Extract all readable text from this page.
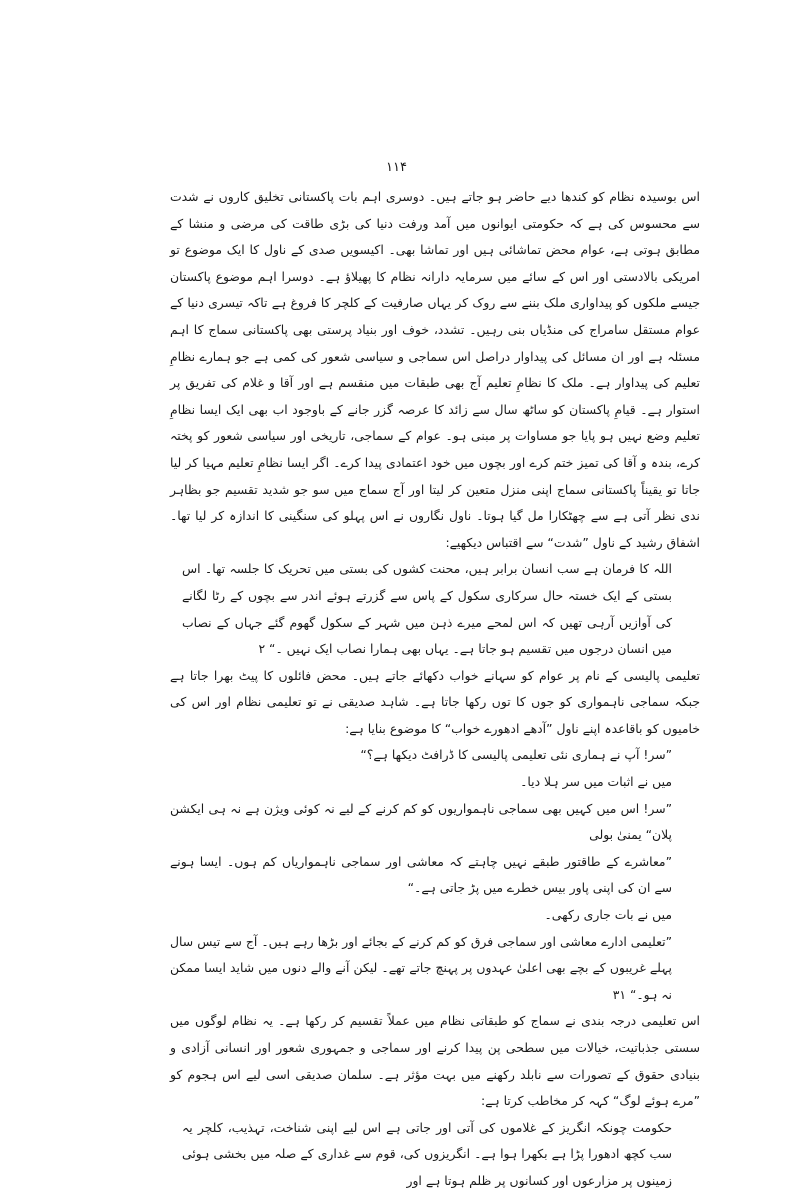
۱۱۴

اس بوسیدہ نظام کو کندھا دیے حاضر ہو جاتے ہیں۔ دوسری اہم بات پاکستانی تخلیق کاروں نے شدت سے محسوس کی ہے کہ حکومتی ایوانوں میں آمد ورفت دنیا کی بڑی طاقت کی مرضی و منشا کے مطابق ہوتی ہے، عوام محض تماشائی ہیں اور تماشا بھی۔ اکیسویں صدی کے ناول کا ایک موضوع تو امریکی بالادستی اور اس کے سائے میں سرمایہ دارانہ نظام کا پھیلاؤ ہے۔ دوسرا اہم موضوع پاکستان جیسے ملکوں کو پیداواری ملک بننے سے روک کر یہاں صارفیت کے کلچر کا فروغ ہے تاکہ تیسری دنیا کے عوام مستقل سامراج کی منڈیاں بنی رہیں۔ تشدد، خوف اور بنیاد پرستی بھی پاکستانی سماج کا اہم مسئلہ ہے اور ان مسائل کی پیداوار دراصل اس سماجی و سیاسی شعور کی کمی ہے جو ہمارے نظامِ تعلیم کی پیداوار ہے۔ ملک کا نظامِ تعلیم آج بھی طبقات میں منقسم ہے اور آقا و غلام کی تفریق پر استوار ہے۔ قیامِ پاکستان کو ساٹھ سال سے زائد کا عرصہ گزر جانے کے باوجود اب بھی ایک ایسا نظامِ تعلیم وضع نہیں ہو پایا جو مساوات پر مبنی ہو۔ عوام کے سماجی، تاریخی اور سیاسی شعور کو پختہ کرے، بندہ و آقا کی تمیز ختم کرے اور بچوں میں خود اعتمادی پیدا کرے۔ اگر ایسا نظامِ تعلیم مہیا کر لیا جاتا تو یقیناً پاکستانی سماج اپنی منزل متعین کر لیتا اور آج سماج میں سو جو شدید تقسیم جو بظاہر ندی نظر آتی ہے سے چھٹکارا مل گیا ہوتا۔ ناول نگاروں نے اس پہلو کی سنگینی کا اندازہ کر لیا تھا۔ اشفاق رشید کے ناول ”شدت“ سے اقتباس دیکھیے:

اللہ کا فرمان ہے سب انسان برابر ہیں، محنت کشوں کی بستی میں تحریک کا جلسہ تھا۔ اس بستی کے ایک خستہ حال سرکاری سکول کے پاس سے گزرتے ہوئے اندر سے بچوں کے رٹا لگانے کی آوازیں آرہی تھیں کہ اس لمحے میرے ذہن میں شہر کے سکول گھوم گئے جہاں کے نصاب میں انسان درجوں میں تقسیم ہو جاتا ہے۔ یہاں بھی ہمارا نصاب ایک نہیں ۔“ ۲

تعلیمی پالیسی کے نام پر عوام کو سہانے خواب دکھائے جاتے ہیں۔ محض فائلوں کا پیٹ بھرا جاتا ہے جبکہ سماجی ناہمواری کو جوں کا توں رکھا جاتا ہے۔ شاہد صدیقی نے تو تعلیمی نظام اور اس کی خامیوں کو باقاعدہ اپنے ناول ”آدھے ادھورے خواب“ کا موضوع بنایا ہے:

”سر! آپ نے ہماری نئی تعلیمی پالیسی کا ڈرافٹ دیکھا ہے؟“
میں نے اثبات میں سر ہلا دیا۔
”سر! اس میں کہیں بھی سماجی ناہمواریوں کو کم کرنے کے لیے نہ کوئی ویژن ہے نہ ہی ایکشن پلان“ یمنیٰ بولی
”معاشرے کے طاقتور طبقے نہیں چاہتے کہ معاشی اور سماجی ناہمواریاں کم ہوں۔ ایسا ہونے سے ان کی اپنی پاور بیس خطرے میں پڑ جاتی ہے۔“
میں نے بات جاری رکھی۔
”تعلیمی ادارے معاشی اور سماجی فرق کو کم کرنے کے بجائے اور بڑھا رہے ہیں۔ آج سے تیس سال پہلے غریبوں کے بچے بھی اعلیٰ عہدوں پر پہنچ جاتے تھے۔ لیکن آنے والے دنوں میں شاید ایسا ممکن نہ ہو۔“ ۳۱

اس تعلیمی درجہ بندی نے سماج کو طبقاتی نظام میں عملاً تقسیم کر رکھا ہے۔ یہ نظام لوگوں میں سستی جذباتیت، خیالات میں سطحی پن پیدا کرنے اور سماجی و جمہوری شعور اور انسانی آزادی و بنیادی حقوق کے تصورات سے نابلد رکھنے میں بہت مؤثر ہے۔ سلمان صدیقی اسی لیے اس ہجوم کو ”مرے ہوئے لوگ“ کہہ کر مخاطب کرتا ہے:

حکومت چونکہ انگریز کے غلاموں کی آتی اور جاتی ہے اس لیے اپنی شناخت، تہذیب، کلچر یہ سب کچھ ادھورا پڑا ہے بکھرا ہوا ہے۔ انگریزوں کی، قوم سے غداری کے صلہ میں بخشی ہوئی زمینوں پر مزارعوں اور کسانوں پر ظلم ہوتا ہے اور
